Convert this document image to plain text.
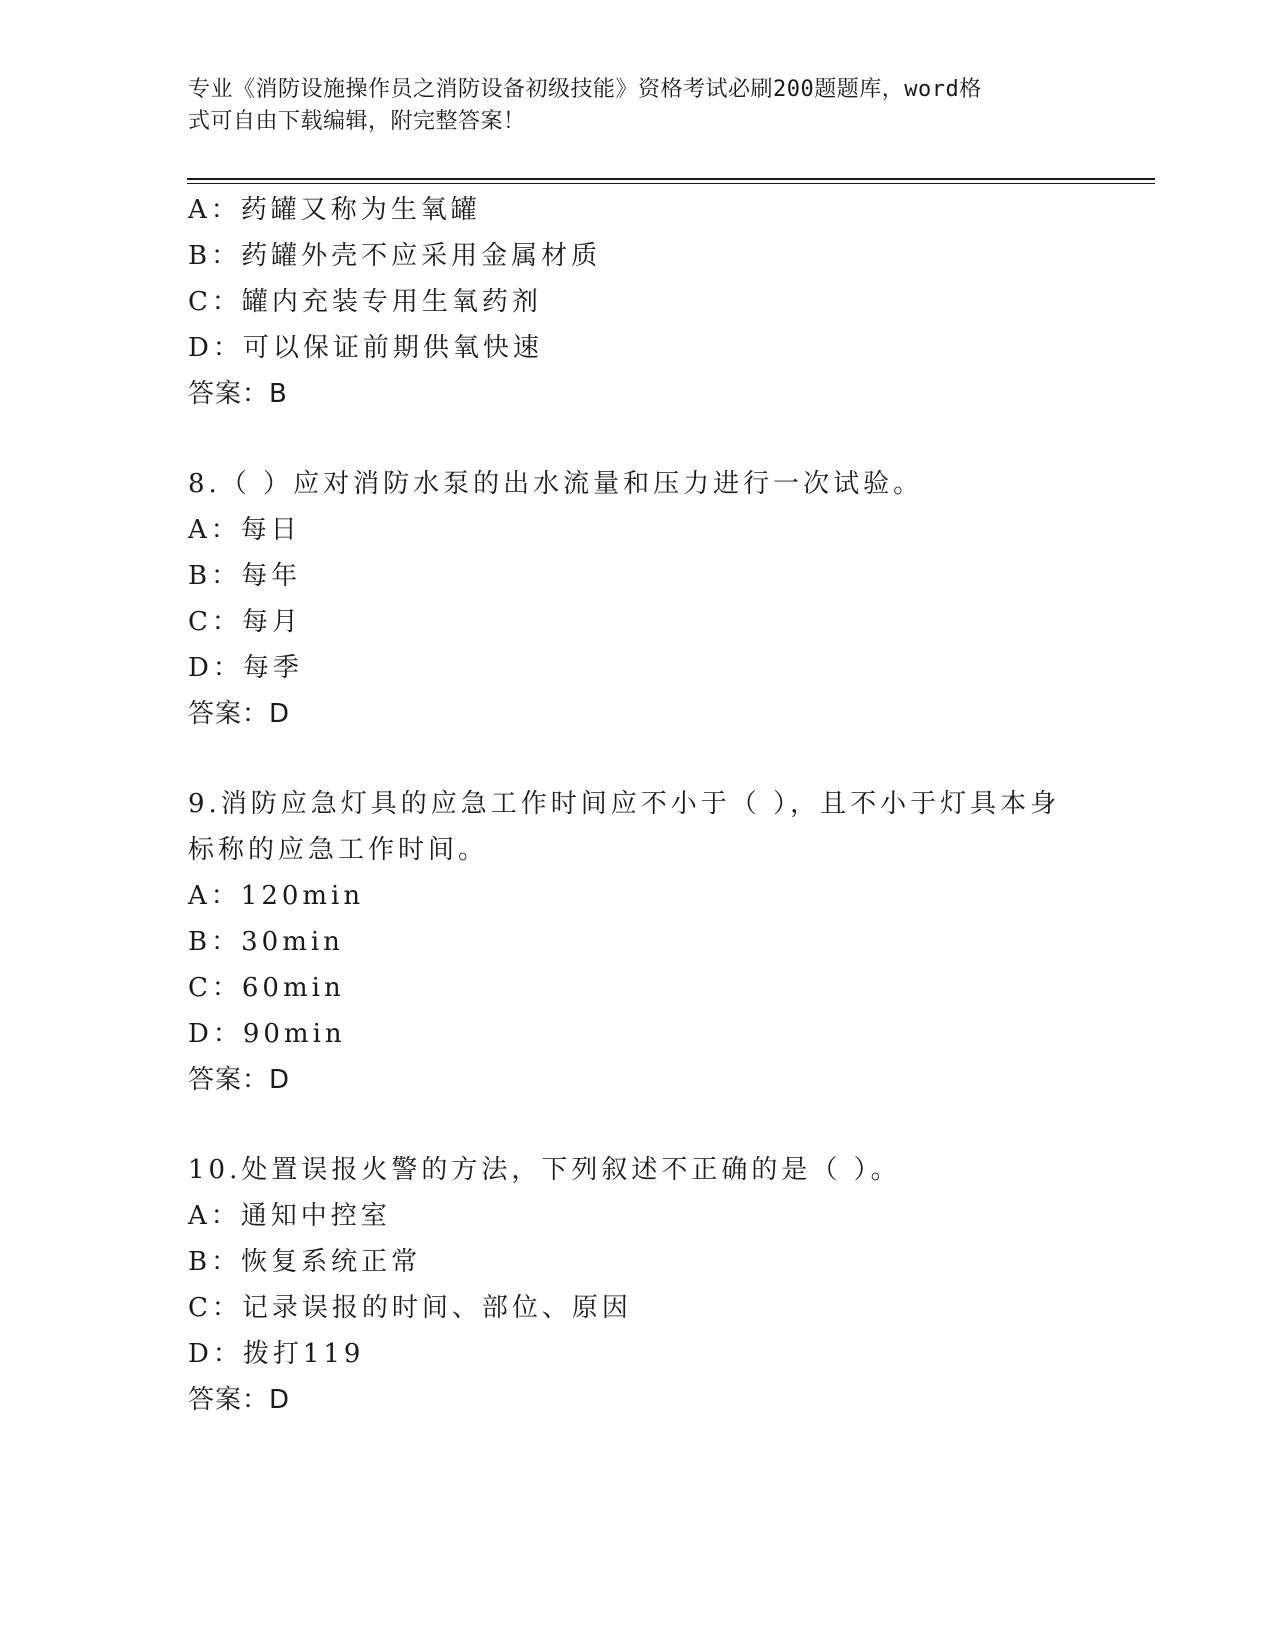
专业《消防设施操作员之消防设备初级技能》资格考试必刷200题题库，word格
式可自由下载编辑，附完整答案！
A：药罐又称为生氧罐
B：药罐外壳不应采用金属材质
C：罐内充装专用生氧药剂
D：可以保证前期供氧快速
答案：B
8.（ ）应对消防水泵的出水流量和压力进行一次试验。
A：每日
B：每年
C：每月
D：每季
答案：D
9.消防应急灯具的应急工作时间应不小于（ ），且不小于灯具本身
标称的应急工作时间。
A：120min
B：30min
C：60min
D：90min
答案：D
10.处置误报火警的方法，下列叙述不正确的是（ ）。
A：通知中控室
B：恢复系统正常
C：记录误报的时间、部位、原因
D：拨打119
答案：D
